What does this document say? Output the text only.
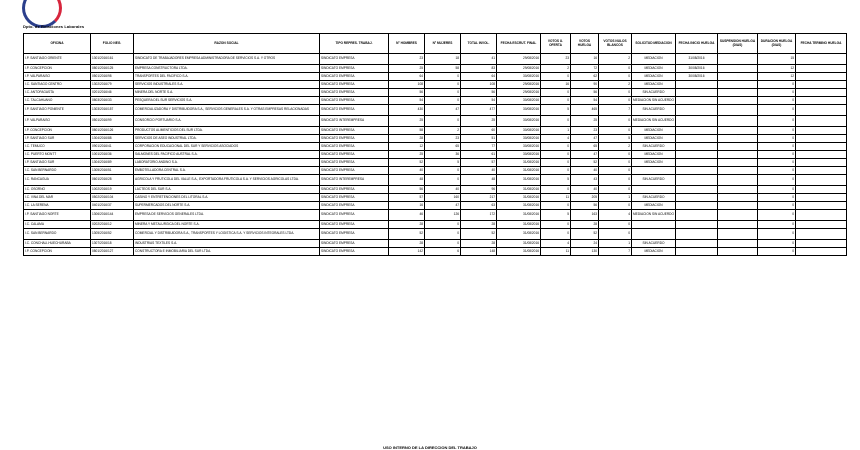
Dpto. de Relaciones Laborales
OFICINA	FOLIO NEG.	RAZON SOCIAL	TIPO REPRES. TRABAJ.	N° HOMBRES	N° MUJERES	TOTAL INVOL.	FECHA ESCRUT. FINAL	VOTOS U. OFERTA	VOTOS HUELGA	VOTOS NULOS BLANCOS	SOLICITUD MEDIACION	FECHA INICIO HUELGA	SUSPENSION HUELGA (DIAS)	DURACION HUELGA (DIAS)	FECHA TERMINO HUELGA
I.P. SANTIAGO ORIENTE	1301/2016/161	SINDICATO DE TRABAJADORES EMPRESA ADMINISTRADORA DE SERVICIOS S.A. Y OTROS	SINDICATO EMPRESA	23	18	41	29/08/2016	23	16	2	MEDIACION	31/08/2016		15	
I.P. CONCEPCION	0801/2016/125	EMPRESA CONSTRUCTORA LTDA.	SINDICATO EMPRESA	25	58	83	29/08/2016	2	72	0	MEDIACION	30/08/2016		12	
I.P. VALPARAISO	0501/2016/98	TRANSPORTES DEL PACIFICO S.A.	SINDICATO EMPRESA	64	0	64	30/08/2016	0	62	0	MEDIACION	30/08/2016		12	
I.C. SANTIAGO CENTRO	1302/2016/79	SERVICIOS INDUSTRIALES S.A.	SINDICATO EMPRESA	108	0	108	29/08/2016	16	90	2	MEDIACION			0	
I.C. ANTOFAGASTA	0201/2016/46	MINERA DEL NORTE S.A.	SINDICATO EMPRESA	56	0	56	29/08/2016	0	56	0	SIN ACUERDO			0	
I.C. TALCAHUANO	0803/2016/33	PESQUERA DEL SUR SERVICIOS S.A.	SINDICATO EMPRESA	54	0	54	30/08/2016	0	54	0	MEDIACION SIN ACUERDO			0	
I.P. SANTIAGO PONIENTE	1303/2016/157	COMERCIALIZADORA Y DISTRIBUIDORA S.A., SERVICIOS GENERALES S.A. Y OTRAS EMPRESAS RELACIONADAS	SINDICATO EMPRESA	430	47	477	30/08/2016	5	465	7	SIN ACUERDO			0	
I.P. VALPARAISO	0501/2016/99	CONSORCIO PORTUARIO S.A.	SINDICATO INTEREMPRESA	25	0	25	30/08/2016	0	25	0	MEDIACION SIN ACUERDO			0	
I.P. CONCEPCION	0801/2016/126	PRODUCTOS ALIMENTICIOS DEL SUR LTDA.	SINDICATO EMPRESA	58	2	60	30/08/2016	1	23	0	MEDIACION			0	
I.P. SANTIAGO SUR	1304/2016/88	SERVICIOS DE ASEO INDUSTRIAL LTDA.	SINDICATO EMPRESA	28	23	51	30/08/2016	4	47	5	MEDIACION			0	
I.C. TEMUCO	0901/2016/41	CORPORACION EDUCACIONAL DEL SUR Y SERVICIOS ASOCIADOS	SINDICATO EMPRESA	12	65	77	30/08/2016	0	65	2	SIN ACUERDO			0	
I.C. PUERTO MONTT	1001/2016/36	SALMONES DEL PACIFICO AUSTRAL S.A.	SINDICATO EMPRESA	25	36	61	30/08/2016	0	47	0	MEDIACION			0	
I.P. SANTIAGO SUR	1304/2016/89	LABORATORIO ANDINO S.A.	SINDICATO EMPRESA	52	5	57	31/08/2016	0	52	0	MEDIACION			0	
I.C. SAN BERNARDO	1305/2016/51	EMBOTELLADORA CENTRAL S.A.	SINDICATO EMPRESA	40	0	40	31/08/2016	0	40	0				0	
I.C. RANCAGUA	0601/2016/28	AGRICOLA Y FRUTICOLA DEL VALLE S.A., EXPORTADORA FRUTICOLA S.A. Y SERVICIOS AGRICOLAS LTDA.	SINDICATO INTEREMPRESA	48	0	48	31/08/2016	5	43	0	SIN ACUERDO			0	
I.C. OSORNO	1002/2016/19	LACTEOS DEL SUR S.A.	SINDICATO EMPRESA	56	40	96	31/08/2016	0	40	0				0	
I.C. VINA DEL MAR	0502/2016/104	CASINO Y ENTRETENCIONES DEL LITORAL S.A.	SINDICATO EMPRESA	57	160	217	31/08/2016	11	205	1	SIN ACUERDO			0	
I.C. LA SERENA	0401/2016/37	SUPERMERCADOS DEL NORTE S.A.	SINDICATO EMPRESA	16	47	63	31/08/2016	0	56	0	MEDIACION			0	
I.P. SANTIAGO NORTE	1306/2016/144	EMPRESA DE SERVICIOS GENERALES LTDA.	SINDICATO EMPRESA	46	126	172	31/08/2016	5	163	4	MEDIACION SIN ACUERDO			0	
I.C. CALAMA	0202/2016/12	MINERA Y METALURGICA DEL NORTE S.A.	SINDICATO EMPRESA	28	0	28	31/08/2016	0	28	0				0	
I.C. SAN BERNARDO	1305/2016/52	COMERCIAL Y DISTRIBUIDORA S.A., TRANSPORTES Y LOGISTICA S.A. Y SERVICIOS INTEGRALES LTDA.	SINDICATO EMPRESA	52	0	52	31/08/2016	0	52	0				0	
I.C. CONCHALI-HUECHURABA	1307/2016/18	INDUSTRIAS TEXTILES S.A.	SINDICATO EMPRESA	28	0	28	31/08/2016	4	24	1	SIN ACUERDO			0	
I.P. CONCEPCION	0801/2016/127	CONSTRUCTORA E INMOBILIARIA DEL SUR LTDA.	SINDICATO EMPRESA	142	6	148	31/08/2016	11	130	7	MEDIACION			0	
USO INTERNO DE LA DIRECCION DEL TRABAJO
